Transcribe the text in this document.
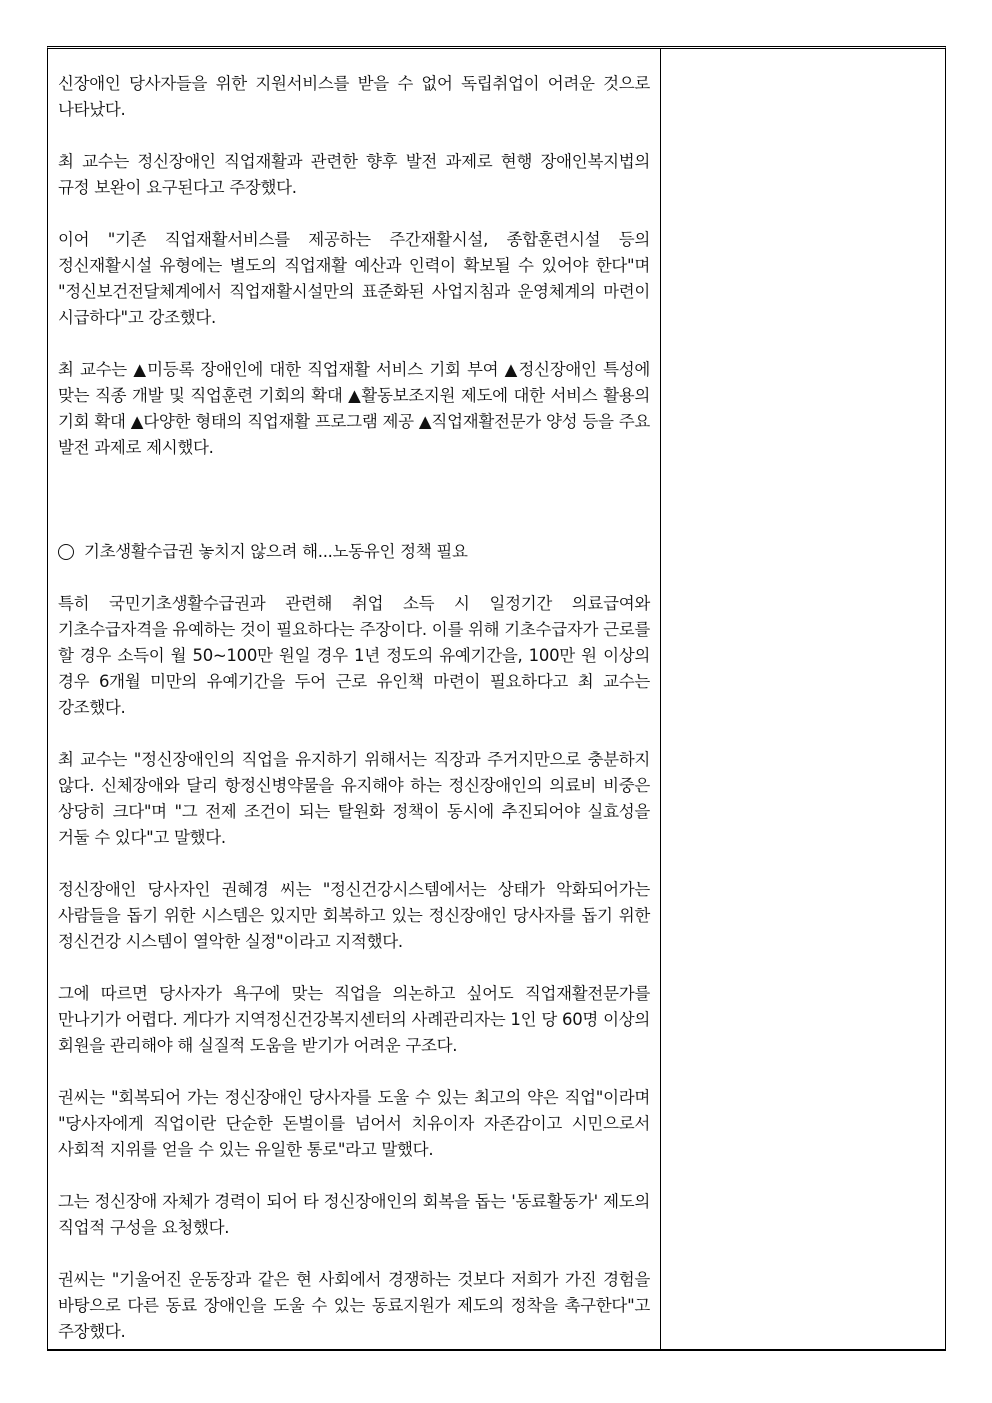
신장애인 당사자들을 위한 지원서비스를 받을 수 없어 독립취업이 어려운 것으로 나타났다.

최 교수는 정신장애인 직업재활과 관련한 향후 발전 과제로 현행 장애인복지법의 규정 보완이 요구된다고 주장했다.

이어 "기존 직업재활서비스를 제공하는 주간재활시설, 종합훈련시설 등의 정신재활시설 유형에는 별도의 직업재활 예산과 인력이 확보될 수 있어야 한다"며 "정신보건전달체계에서 직업재활시설만의 표준화된 사업지침과 운영체계의 마련이 시급하다"고 강조했다.

최 교수는 ▲미등록 장애인에 대한 직업재활 서비스 기회 부여 ▲정신장애인 특성에 맞는 직종 개발 및 직업훈련 기회의 확대 ▲활동보조지원 제도에 대한 서비스 활용의 기회 확대 ▲다양한 형태의 직업재활 프로그램 제공 ▲직업재활전문가 양성 등을 주요 발전 과제로 제시했다.

기초생활수급권 놓치지 않으려 해...노동유인 정책 필요

특히 국민기초생활수급권과 관련해 취업 소득 시 일정기간 의료급여와 기초수급자격을 유예하는 것이 필요하다는 주장이다. 이를 위해 기초수급자가 근로를 할 경우 소득이 월 50~100만 원일 경우 1년 정도의 유예기간을, 100만 원 이상의 경우 6개월 미만의 유예기간을 두어 근로 유인책 마련이 필요하다고 최 교수는 강조했다.

최 교수는 "정신장애인의 직업을 유지하기 위해서는 직장과 주거지만으로 충분하지 않다. 신체장애와 달리 항정신병약물을 유지해야 하는 정신장애인의 의료비 비중은 상당히 크다"며 "그 전제 조건이 되는 탈원화 정책이 동시에 추진되어야 실효성을 거둘 수 있다"고 말했다.

정신장애인 당사자인 권혜경 씨는 "정신건강시스템에서는 상태가 악화되어가는 사람들을 돕기 위한 시스템은 있지만 회복하고 있는 정신장애인 당사자를 돕기 위한 정신건강 시스템이 열악한 실정"이라고 지적했다.

그에 따르면 당사자가 욕구에 맞는 직업을 의논하고 싶어도 직업재활전문가를 만나기가 어렵다. 게다가 지역정신건강복지센터의 사례관리자는 1인 당 60명 이상의 회원을 관리해야 해 실질적 도움을 받기가 어려운 구조다.

권씨는 "회복되어 가는 정신장애인 당사자를 도울 수 있는 최고의 약은 직업"이라며 "당사자에게 직업이란 단순한 돈벌이를 넘어서 치유이자 자존감이고 시민으로서 사회적 지위를 얻을 수 있는 유일한 통로"라고 말했다.

그는 정신장애 자체가 경력이 되어 타 정신장애인의 회복을 돕는 '동료활동가' 제도의 직업적 구성을 요청했다.

권씨는 "기울어진 운동장과 같은 현 사회에서 경쟁하는 것보다 저희가 가진 경험을 바탕으로 다른 동료 장애인을 도울 수 있는 동료지원가 제도의 정착을 촉구한다"고 주장했다.
